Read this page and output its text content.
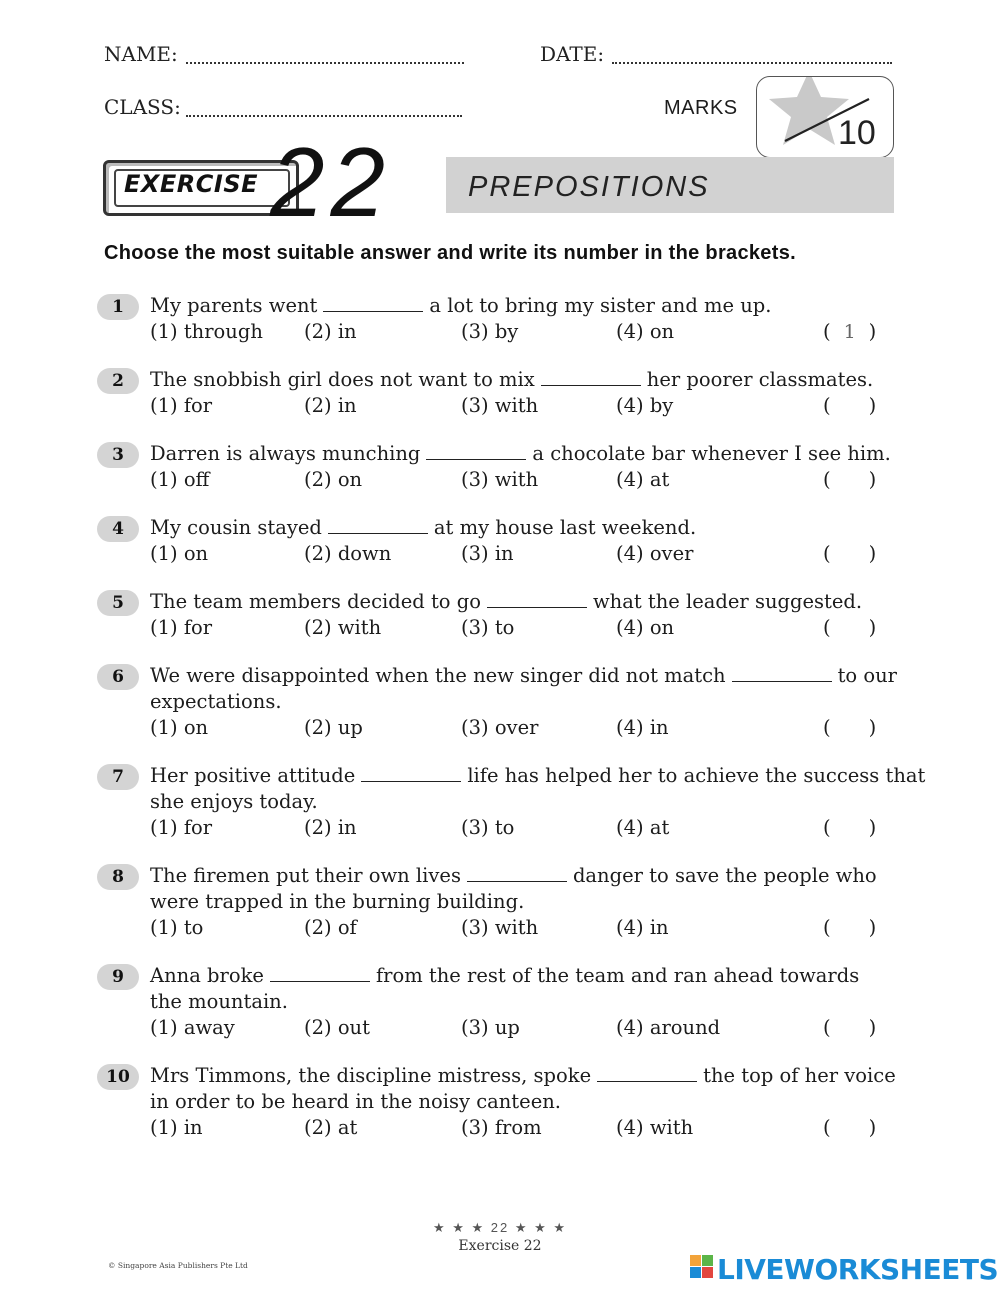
NAME:	DATE:
CLASS:	MARKS
10
EXERCISE 22	PREPOSITIONS
Choose the most suitable answer and write its number in the brackets.
1	My parents went	a lot to bring my sister and me up.
(1) through (2) in	(3) by	(4) on	( 1 )
2	The snobbish girl does not want to mix	her poorer classmates.
(1) for	(2) in	(3) with	(4) by	( )
3	Darren is always munching	a chocolate bar whenever I see him.
(1) off	(2) on	(3) with	(4) at	( )
4	My cousin stayed	at my house last weekend.
(1) on	(2) down	(3) in	(4) over	( )
5	The team members decided to go	what the leader suggested.
(1) for	(2) with	(3) to	(4) on	( )
6	We were disappointed when the new singer did not match	to our
expectations.
(1) on	(2) up	(3) over	(4) in	( )
7	Her positive attitude	life has helped her to achieve the success that
she enjoys today.
(1) for	(2) in	(3) to	(4) at	( )
8	The firemen put their own lives	danger to save the people who
were trapped in the burning building.
(1) to	(2) of	(3) with	(4) in	( )
9	Anna broke	from the rest of the team and ran ahead towards
the mountain.
(1) away	(2) out	(3) up	(4) around	( )
10	Mrs Timmons, the discipline mistress, spoke	the top of her voice
in order to be heard in the noisy canteen.
(1) in	(2) at	(3) from	(4) with	( )
★ ★ ★ 22 ★ ★ ★
Exercise 22
© Singapore Asia Publishers Pte Ltd	LIVEWORKSHEETS
